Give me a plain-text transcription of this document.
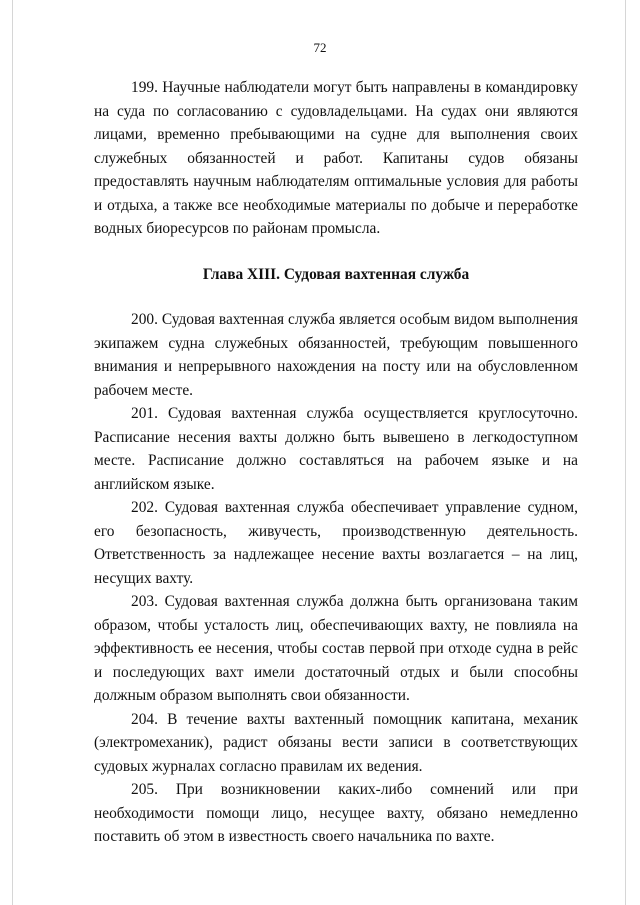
72

199. Научные наблюдатели могут быть направлены в командировку на суда по согласованию с судовладельцами. На судах они являются лицами, временно пребывающими на судне для выполнения своих служебных обязанностей и работ. Капитаны судов обязаны предоставлять научным наблюдателям оптимальные условия для работы и отдыха, а также все необходимые материалы по добыче и переработке водных биоресурсов по районам промысла.

Глава XIII. Судовая вахтенная служба

200. Судовая вахтенная служба является особым видом выполнения экипажем судна служебных обязанностей, требующим повышенного внимания и непрерывного нахождения на посту или на обусловленном рабочем месте.

201. Судовая вахтенная служба осуществляется круглосуточно. Расписание несения вахты должно быть вывешено в легкодоступном месте. Расписание должно составляться на рабочем языке и на английском языке.

202. Судовая вахтенная служба обеспечивает управление судном, его безопасность, живучесть, производственную деятельность. Ответственность за надлежащее несение вахты возлагается – на лиц, несущих вахту.

203. Судовая вахтенная служба должна быть организована таким образом, чтобы усталость лиц, обеспечивающих вахту, не повлияла на эффективность ее несения, чтобы состав первой при отходе судна в рейс и последующих вахт имели достаточный отдых и были способны должным образом выполнять свои обязанности.

204. В течение вахты вахтенный помощник капитана, механик (электромеханик), радист обязаны вести записи в соответствующих судовых журналах согласно правилам их ведения.

205. При возникновении каких-либо сомнений или при необходимости помощи лицо, несущее вахту, обязано немедленно поставить об этом в известность своего начальника по вахте.
